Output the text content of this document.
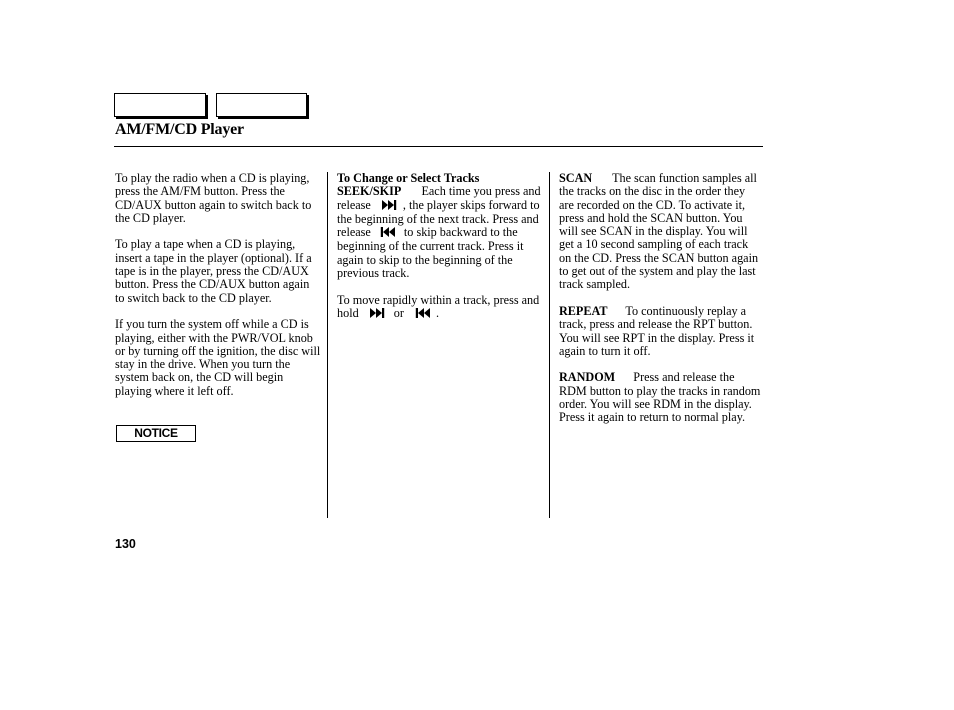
AM/FM/CD Player

To play the radio when a CD is playing, press the AM/FM button. Press the CD/AUX button again to switch back to the CD player.

To play a tape when a CD is playing, insert a tape in the player (optional). If a tape is in the player, press the CD/AUX button. Press the CD/AUX button again to switch back to the CD player.

If you turn the system off while a CD is playing, either with the PWR/VOL knob or by turning off the ignition, the disc will stay in the drive. When you turn the system back on, the CD will begin playing where it left off.

NOTICE

To Change or Select Tracks
SEEK/SKIP Each time you press and release	, the player skips forward to the beginning of the next track. Press and release	to skip backward to the beginning of the current track. Press it again to skip to the beginning of the previous track.

To move rapidly within a track, press and hold	or	.

SCAN The scan function samples all the tracks on the disc in the order they are recorded on the CD. To activate it, press and hold the SCAN button. You will see SCAN in the display. You will get a 10 second sampling of each track on the CD. Press the SCAN button again to get out of the system and play the last track sampled.

REPEAT To continuously replay a track, press and release the RPT button. You will see RPT in the display. Press it again to turn it off.

RANDOM Press and release the RDM button to play the tracks in random order. You will see RDM in the display. Press it again to return to normal play.

130
